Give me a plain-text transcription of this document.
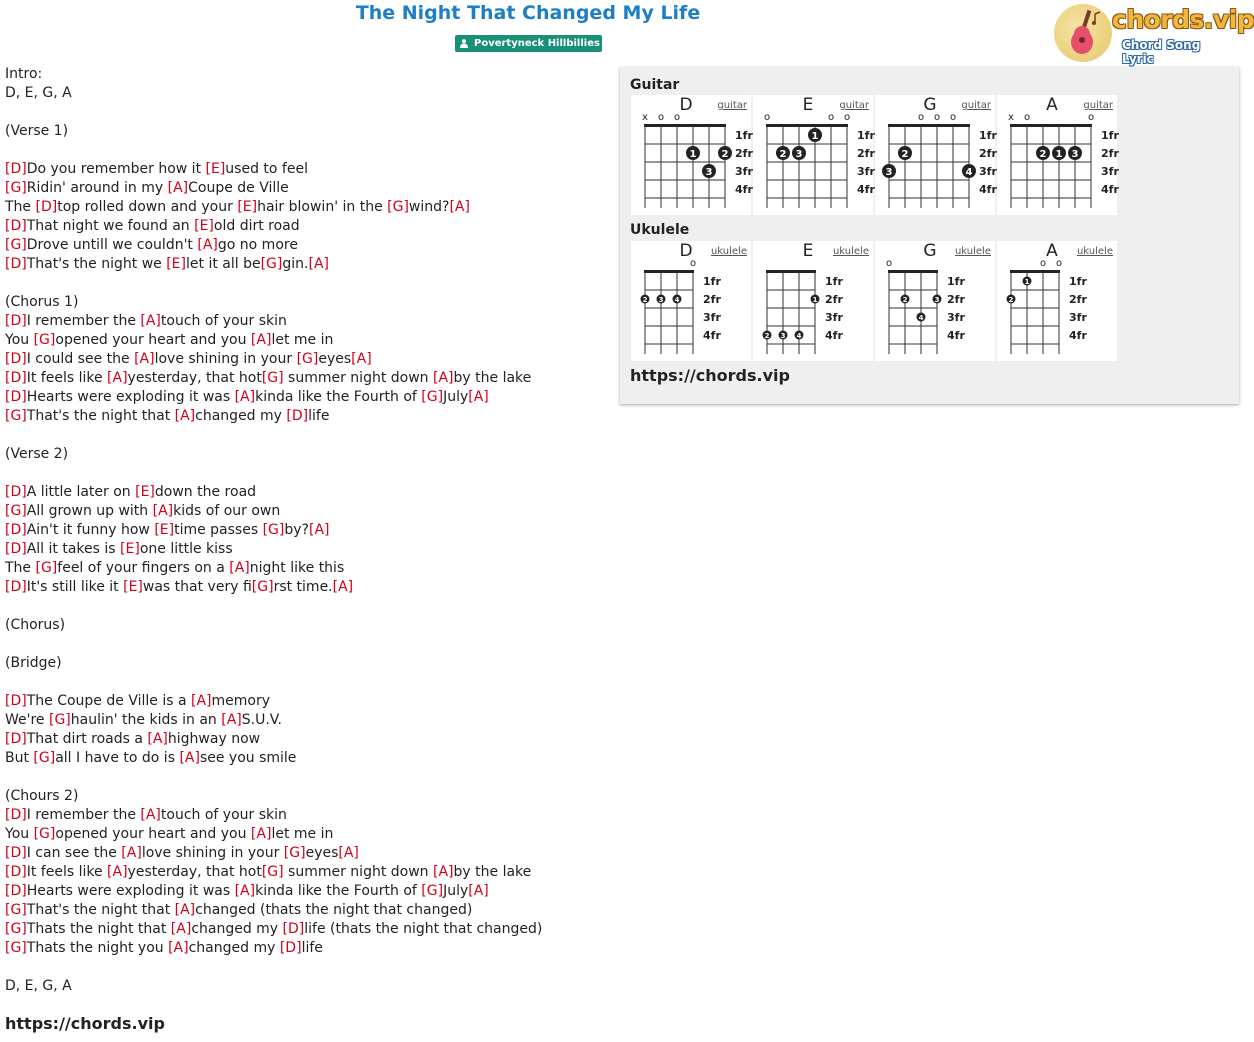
The Night That Changed My Life
Povertyneck Hillbillies
chords.vip
Chord Song Lyric
Intro:
D, E, G, A
(Verse 1)
[D]Do you remember how it [E]used to feel
[G]Ridin' around in my [A]Coupe de Ville
The [D]top rolled down and your [E]hair blowin' in the [G]wind?[A]
[D]That night we found an [E]old dirt road
[G]Drove untill we couldn't [A]go no more
[D]That's the night we [E]let it all be[G]gin.[A]
(Chorus 1)
[D]I remember the [A]touch of your skin
You [G]opened your heart and you [A]let me in
[D]I could see the [A]love shining in your [G]eyes[A]
[D]It feels like [A]yesterday, that hot[G] summer night down [A]by the lake
[D]Hearts were exploding it was [A]kinda like the Fourth of [G]July[A]
[G]That's the night that [A]changed my [D]life
(Verse 2)
[D]A little later on [E]down the road
[G]All grown up with [A]kids of our own
[D]Ain't it funny how [E]time passes [G]by?[A]
[D]All it takes is [E]one little kiss
The [G]feel of your fingers on a [A]night like this
[D]It's still like it [E]was that very fi[G]rst time.[A]
(Chorus)
(Bridge)
[D]The Coupe de Ville is a [A]memory
We're [G]haulin' the kids in an [A]S.U.V.
[D]That dirt roads a [A]highway now
But [G]all I have to do is [A]see you smile
(Chours 2)
[D]I remember the [A]touch of your skin
You [G]opened your heart and you [A]let me in
[D]I can see the [A]love shining in your [G]eyes[A]
[D]It feels like [A]yesterday, that hot[G] summer night down [A]by the lake
[D]Hearts were exploding it was [A]kinda like the Fourth of [G]July[A]
[G]That's the night that [A]changed (thats the night that changed)
[G]Thats the night that [A]changed my [D]life (thats the night that changed)
[G]Thats the night you [A]changed my [D]life
D, E, G, A
https://chords.vip
Guitar
Ukulele
https://chords.vip
D	guitar
1fr
2fr
3fr
4fr
x o o
1	2
3
E	guitar
1fr
2fr
3fr
4fr
o	o o
1
2 3
G	guitar
1fr
2fr
3fr
4fr
o o o
2
3	4
A	guitar
1fr
2fr
3fr
4fr
x o	o
2 1 3
D	ukulele
1fr
2fr
3fr
4fr
o
2 3 4
E	ukulele
1fr
2fr
3fr
4fr
1
2 3 4
G	ukulele
1fr
2fr
3fr
4fr
o
2	3
4
A	ukulele
1fr
2fr
3fr
4fr
o o
1
2
